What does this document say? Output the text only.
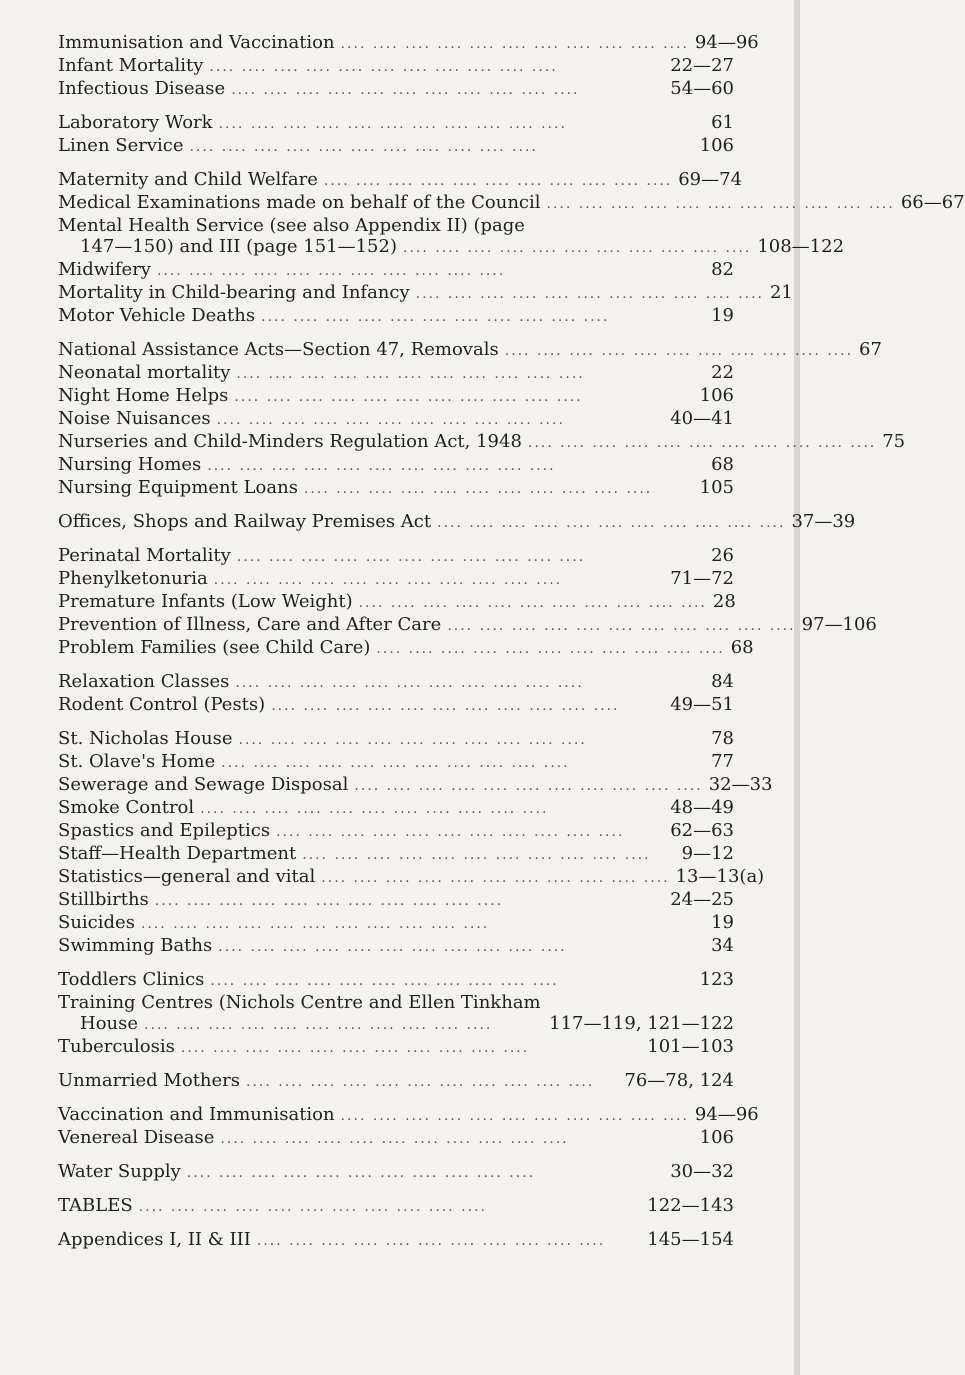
Immunisation and Vaccination .... .... .... .... .... .... .... .... .... .... .... 94—96
Infant Mortality .... .... .... .... .... .... .... .... .... .... ....	22—27
Infectious Disease .... .... .... .... .... .... .... .... .... .... ....	54—60
Laboratory Work .... .... .... .... .... .... .... .... .... .... ....	61
Linen Service .... .... .... .... .... .... .... .... .... .... ....	106
Maternity and Child Welfare .... .... .... .... .... .... .... .... .... .... .... 69—74
Medical Examinations made on behalf of the Council .... .... .... .... .... .... .... .... .... .... .... 66—67
Mental Health Service (see also Appendix II) (page
147—150) and III (page 151—152) .... .... .... .... .... .... .... .... .... .... .... 108—122
Midwifery .... .... .... .... .... .... .... .... .... .... ....	82
Mortality in Child-bearing and Infancy .... .... .... .... .... .... .... .... .... .... .... 21
Motor Vehicle Deaths .... .... .... .... .... .... .... .... .... .... ....	19
National Assistance Acts—Section 47, Removals .... .... .... .... .... .... .... .... .... .... .... 67
Neonatal mortality .... .... .... .... .... .... .... .... .... .... ....	22
Night Home Helps .... .... .... .... .... .... .... .... .... .... ....	106
Noise Nuisances .... .... .... .... .... .... .... .... .... .... ....	40—41
Nurseries and Child-Minders Regulation Act, 1948 .... .... .... .... .... .... .... .... .... .... .... 75
Nursing Homes .... .... .... .... .... .... .... .... .... .... ....	68
Nursing Equipment Loans .... .... .... .... .... .... .... .... .... .... ....	105
Offices, Shops and Railway Premises Act .... .... .... .... .... .... .... .... .... .... .... 37—39
Perinatal Mortality .... .... .... .... .... .... .... .... .... .... ....	26
Phenylketonuria .... .... .... .... .... .... .... .... .... .... ....	71—72
Premature Infants (Low Weight) .... .... .... .... .... .... .... .... .... .... .... 28
Prevention of Illness, Care and After Care .... .... .... .... .... .... .... .... .... .... .... 97—106
Problem Families (see Child Care) .... .... .... .... .... .... .... .... .... .... .... 68
Relaxation Classes .... .... .... .... .... .... .... .... .... .... ....	84
Rodent Control (Pests) .... .... .... .... .... .... .... .... .... .... ....	49—51
St. Nicholas House .... .... .... .... .... .... .... .... .... .... ....	78
St. Olave's Home .... .... .... .... .... .... .... .... .... .... ....	77
Sewerage and Sewage Disposal .... .... .... .... .... .... .... .... .... .... .... 32—33
Smoke Control .... .... .... .... .... .... .... .... .... .... ....	48—49
Spastics and Epileptics .... .... .... .... .... .... .... .... .... .... ....	62—63
Staff—Health Department .... .... .... .... .... .... .... .... .... .... ....	9—12
Statistics—general and vital .... .... .... .... .... .... .... .... .... .... .... 13—13(a)
Stillbirths .... .... .... .... .... .... .... .... .... .... ....	24—25
Suicides .... .... .... .... .... .... .... .... .... .... ....	19
Swimming Baths .... .... .... .... .... .... .... .... .... .... ....	34
Toddlers Clinics .... .... .... .... .... .... .... .... .... .... ....	123
Training Centres (Nichols Centre and Ellen Tinkham
House .... .... .... .... .... .... .... .... .... .... ....	117—119, 121—122
Tuberculosis .... .... .... .... .... .... .... .... .... .... ....	101—103
Unmarried Mothers .... .... .... .... .... .... .... .... .... .... ....	76—78, 124
Vaccination and Immunisation .... .... .... .... .... .... .... .... .... .... .... 94—96
Venereal Disease .... .... .... .... .... .... .... .... .... .... ....	106
Water Supply .... .... .... .... .... .... .... .... .... .... ....	30—32
TABLES .... .... .... .... .... .... .... .... .... .... ....	122—143
Appendices I, II & III .... .... .... .... .... .... .... .... .... .... ....	145—154
